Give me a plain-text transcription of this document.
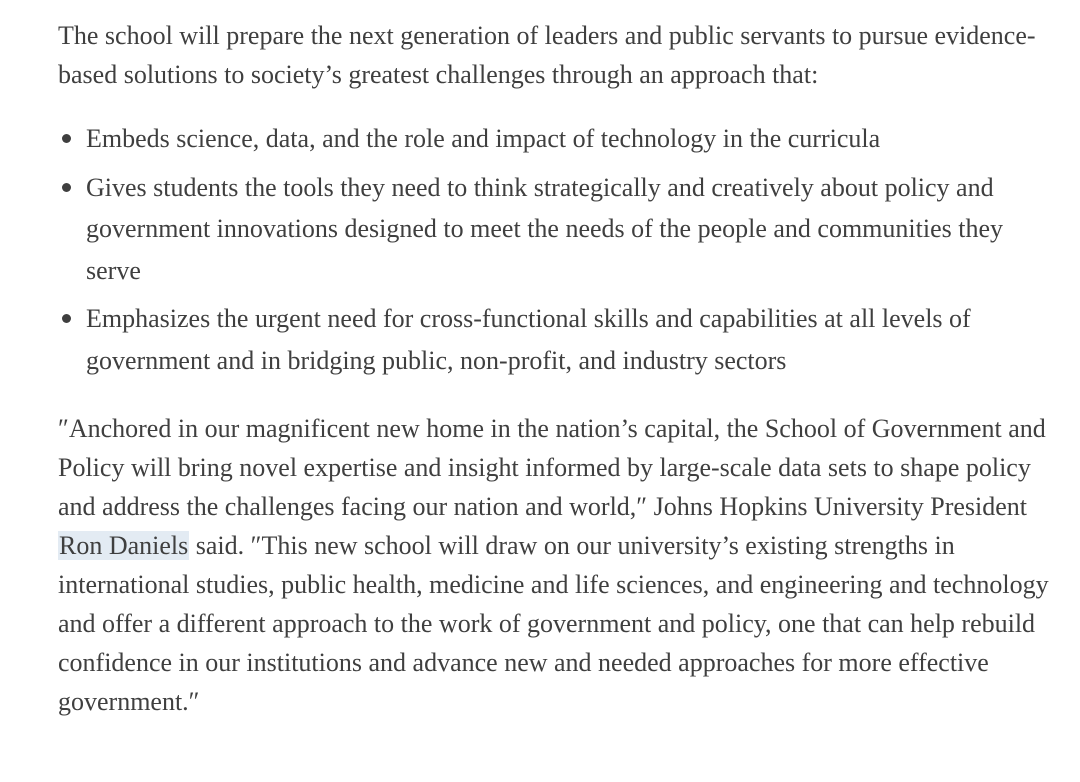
The school will prepare the next generation of leaders and public servants to pursue evidence-based solutions to society’s greatest challenges through an approach that:

Embeds science, data, and the role and impact of technology in the curricula
Gives students the tools they need to think strategically and creatively about policy and government innovations designed to meet the needs of the people and communities they serve
Emphasizes the urgent need for cross-functional skills and capabilities at all levels of government and in bridging public, non-profit, and industry sectors

″Anchored in our magnificent new home in the nation’s capital, the School of Government and Policy will bring novel expertise and insight informed by large-scale data sets to shape policy and address the challenges facing our nation and world,″ Johns Hopkins University President Ron Daniels said. ″This new school will draw on our university’s existing strengths in international studies, public health, medicine and life sciences, and engineering and technology and offer a different approach to the work of government and policy, one that can help rebuild confidence in our institutions and advance new and needed approaches for more effective government.″
